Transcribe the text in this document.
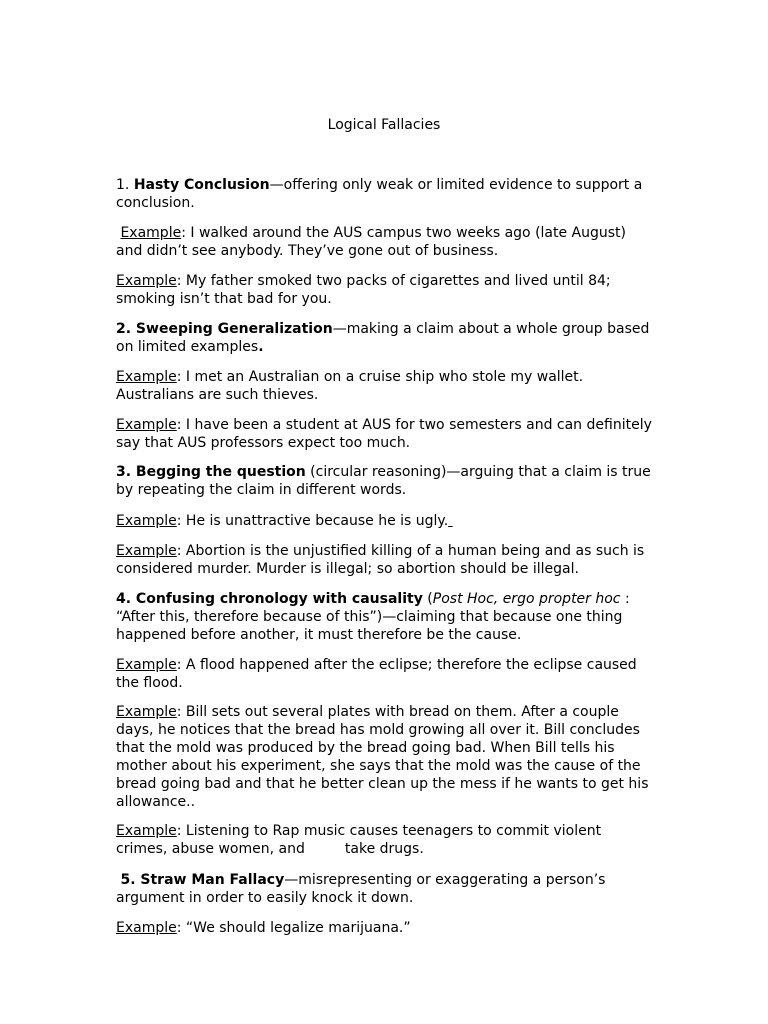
Logical Fallacies

1. Hasty Conclusion—offering only weak or limited evidence to support a conclusion.

Example: I walked around the AUS campus two weeks ago (late August) and didn’t see anybody. They’ve gone out of business.

Example: My father smoked two packs of cigarettes and lived until 84; smoking isn’t that bad for you.

2. Sweeping Generalization—making a claim about a whole group based on limited examples.

Example: I met an Australian on a cruise ship who stole my wallet. Australians are such thieves.

Example: I have been a student at AUS for two semesters and can definitely say that AUS professors expect too much.

3. Begging the question (circular reasoning)—arguing that a claim is true by repeating the claim in different words.

Example: He is unattractive because he is ugly.

Example: Abortion is the unjustified killing of a human being and as such is considered murder. Murder is illegal; so abortion should be illegal.

4. Confusing chronology with causality (Post Hoc, ergo propter hoc : “After this, therefore because of this”)—claiming that because one thing happened before another, it must therefore be the cause.

Example: A flood happened after the eclipse; therefore the eclipse caused the flood.

Example: Bill sets out several plates with bread on them. After a couple days, he notices that the bread has mold growing all over it. Bill concludes that the mold was produced by the bread going bad. When Bill tells his mother about his experiment, she says that the mold was the cause of the bread going bad and that he better clean up the mess if he wants to get his allowance..

Example: Listening to Rap music causes teenagers to commit violent crimes, abuse women, and         take drugs.

5. Straw Man Fallacy—misrepresenting or exaggerating a person’s argument in order to easily knock it down.

Example: “We should legalize marijuana.”
